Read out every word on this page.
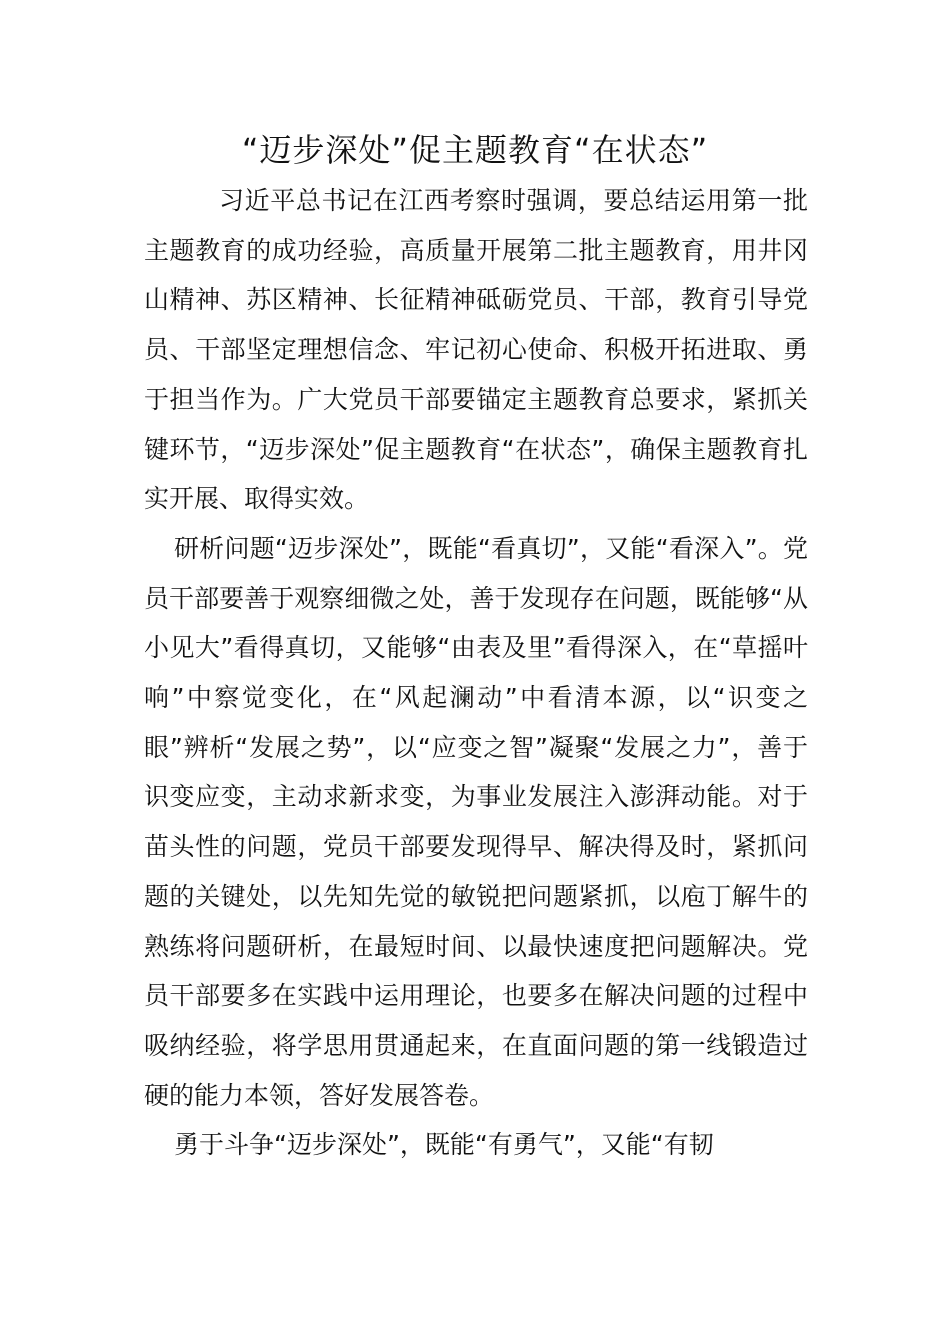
“迈步深处”促主题教育“在状态”

习近平总书记在江西考察时强调，要总结运用第一批主题教育的成功经验，高质量开展第二批主题教育，用井冈山精神、苏区精神、长征精神砥砺党员、干部，教育引导党员、干部坚定理想信念、牢记初心使命、积极开拓进取、勇于担当作为。广大党员干部要锚定主题教育总要求，紧抓关键环节，“迈步深处”促主题教育“在状态”，确保主题教育扎实开展、取得实效。

研析问题“迈步深处”，既能“看真切”，又能“看深入”。党员干部要善于观察细微之处，善于发现存在问题，既能够“从小见大”看得真切，又能够“由表及里”看得深入，在“草摇叶响”中察觉变化，在“风起澜动”中看清本源，以“识变之眼”辨析“发展之势”，以“应变之智”凝聚“发展之力”，善于识变应变，主动求新求变，为事业发展注入澎湃动能。对于苗头性的问题，党员干部要发现得早、解决得及时，紧抓问题的关键处，以先知先觉的敏锐把问题紧抓，以庖丁解牛的熟练将问题研析，在最短时间、以最快速度把问题解决。党员干部要多在实践中运用理论，也要多在解决问题的过程中吸纳经验，将学思用贯通起来，在直面问题的第一线锻造过硬的能力本领，答好发展答卷。

勇于斗争“迈步深处”，既能“有勇气”，又能“有韧
